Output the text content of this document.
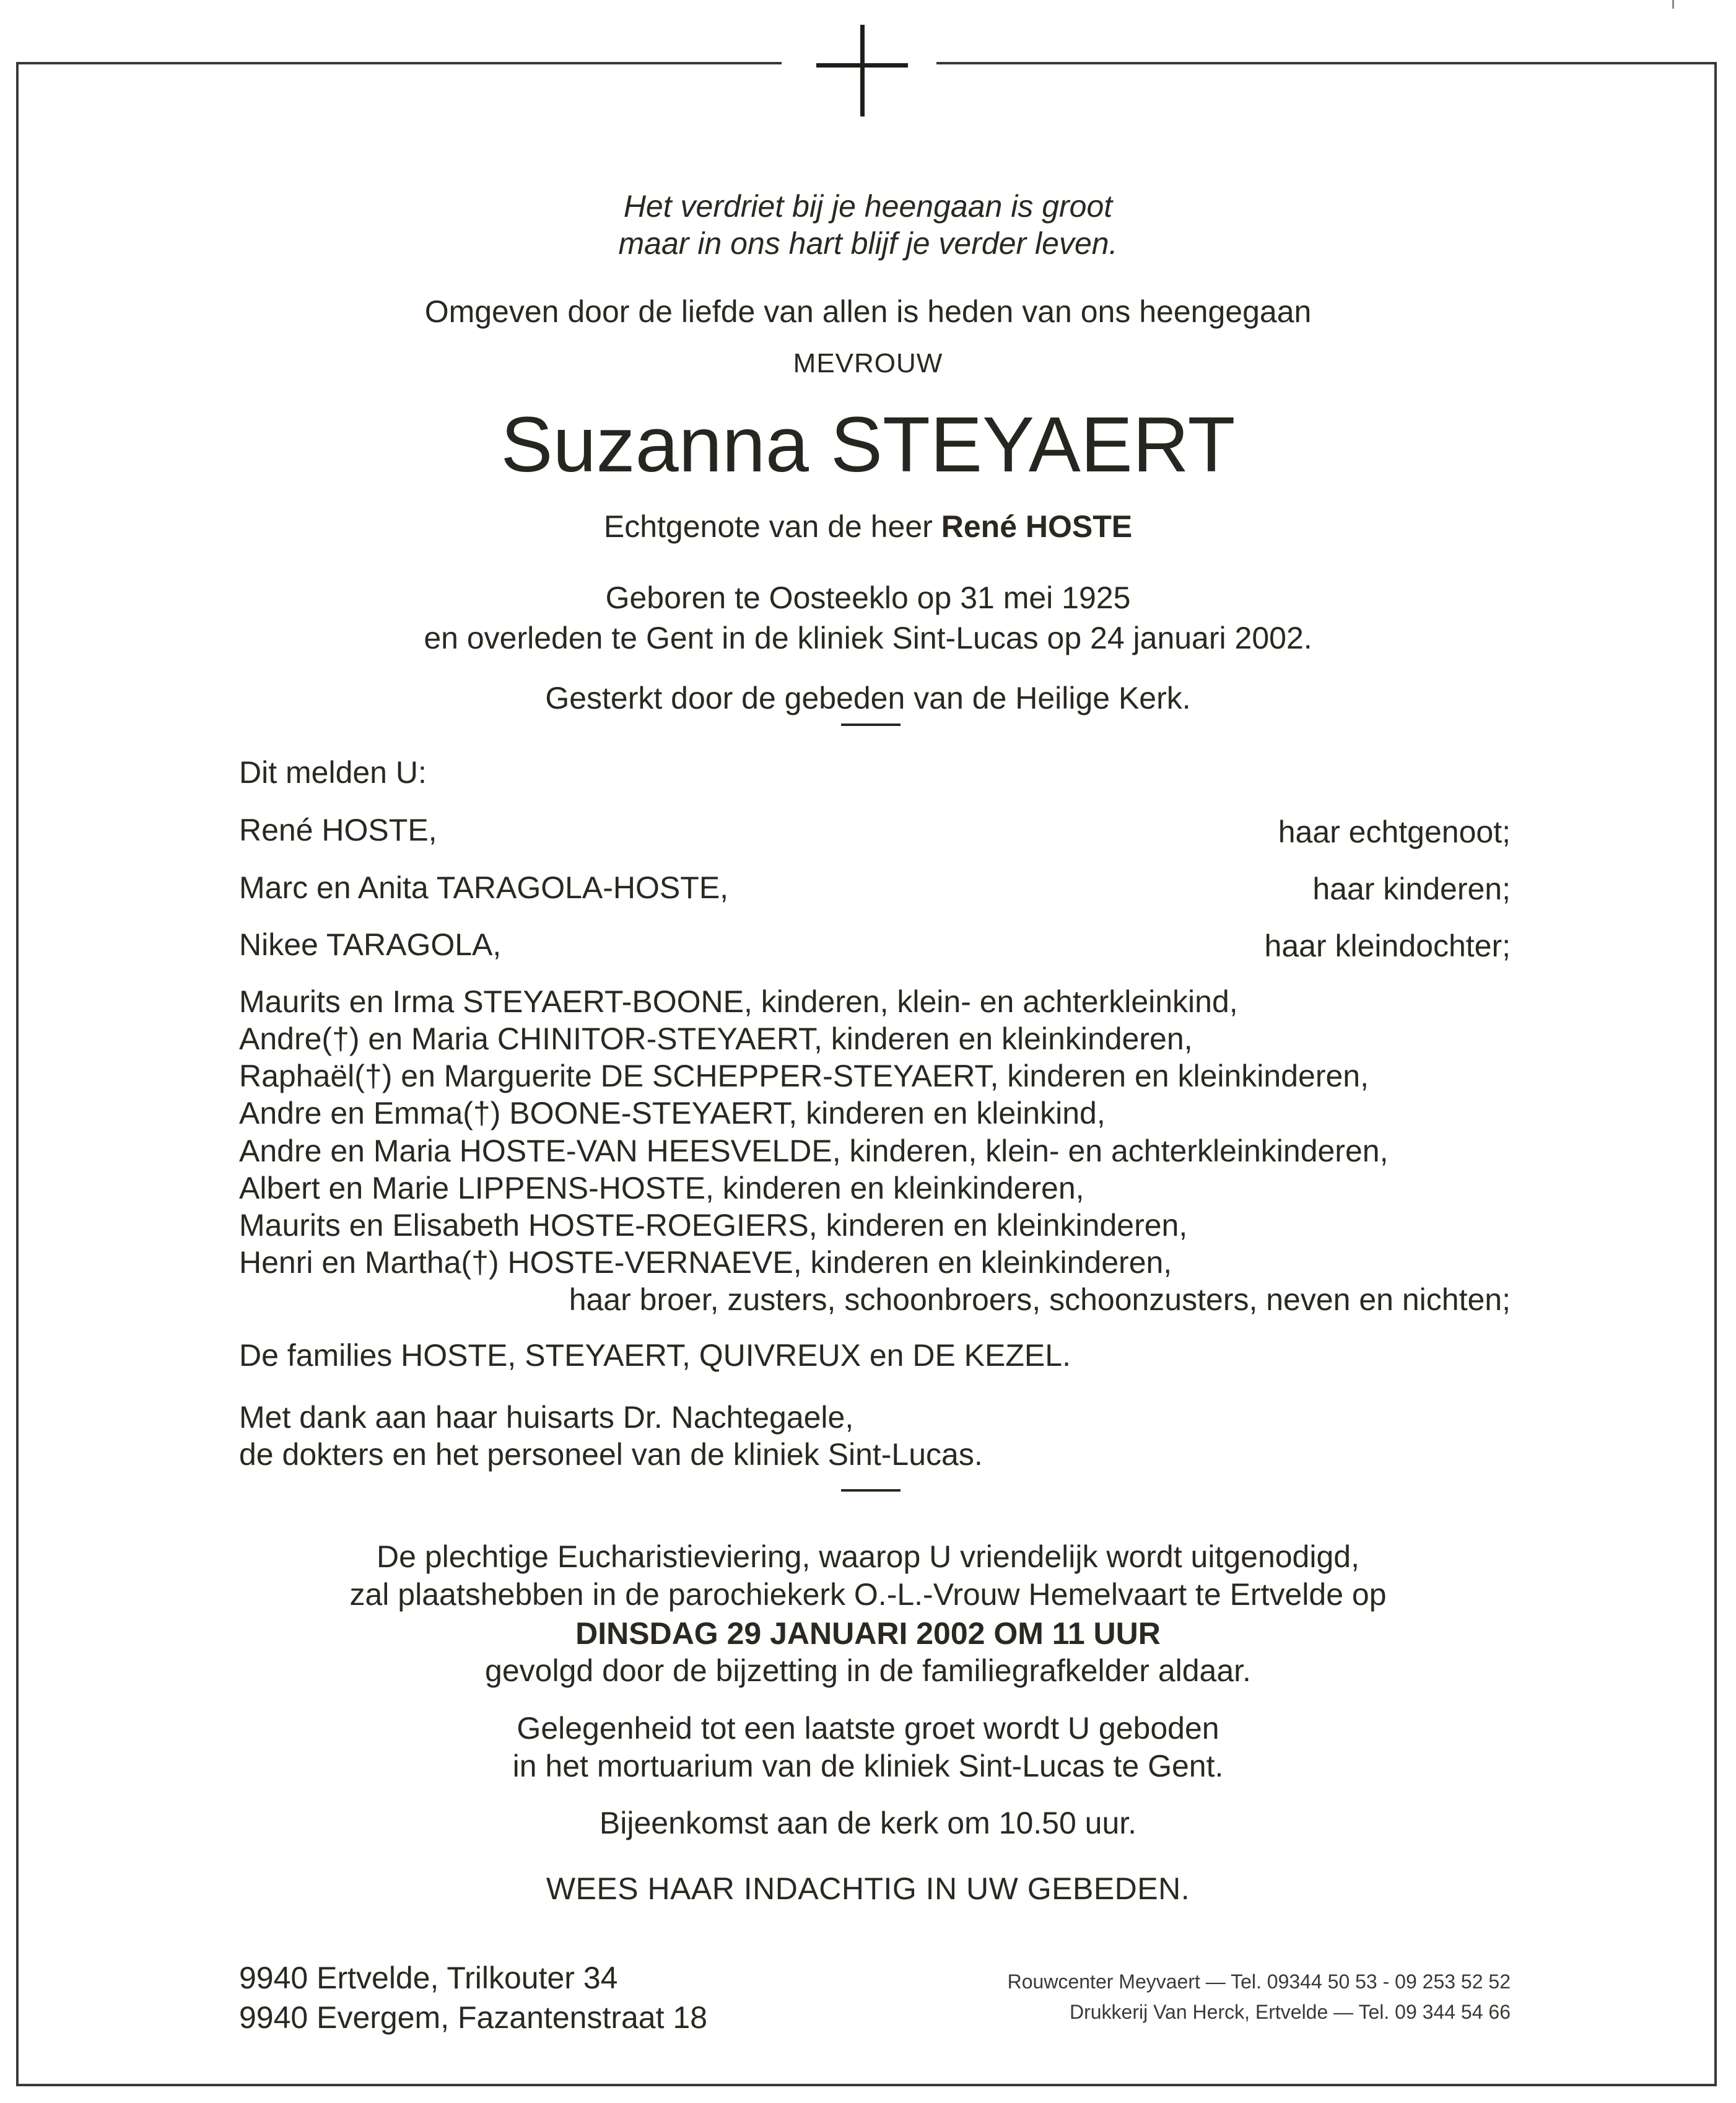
Het verdriet bij je heengaan is groot
maar in ons hart blijf je verder leven.
Omgeven door de liefde van allen is heden van ons heengegaan
MEVROUW
Suzanna STEYAERT
Echtgenote van de heer René HOSTE
Geboren te Oosteeklo op 31 mei 1925
en overleden te Gent in de kliniek Sint-Lucas op 24 januari 2002.
Gesterkt door de gebeden van de Heilige Kerk.
Dit melden U:
René HOSTE,	haar echtgenoot;
Marc en Anita TARAGOLA-HOSTE,	haar kinderen;
Nikee TARAGOLA,	haar kleindochter;
Maurits en Irma STEYAERT-BOONE, kinderen, klein- en achterkleinkind,
Andre(†) en Maria CHINITOR-STEYAERT, kinderen en kleinkinderen,
Raphaël(†) en Marguerite DE SCHEPPER-STEYAERT, kinderen en kleinkinderen,
Andre en Emma(†) BOONE-STEYAERT, kinderen en kleinkind,
Andre en Maria HOSTE-VAN HEESVELDE, kinderen, klein- en achterkleinkinderen,
Albert en Marie LIPPENS-HOSTE, kinderen en kleinkinderen,
Maurits en Elisabeth HOSTE-ROEGIERS, kinderen en kleinkinderen,
Henri en Martha(†) HOSTE-VERNAEVE, kinderen en kleinkinderen,
haar broer, zusters, schoonbroers, schoonzusters, neven en nichten;
De families HOSTE, STEYAERT, QUIVREUX en DE KEZEL.
Met dank aan haar huisarts Dr. Nachtegaele,
de dokters en het personeel van de kliniek Sint-Lucas.
De plechtige Eucharistieviering, waarop U vriendelijk wordt uitgenodigd,
zal plaatshebben in de parochiekerk O.-L.-Vrouw Hemelvaart te Ertvelde op
DINSDAG 29 JANUARI 2002 OM 11 UUR
gevolgd door de bijzetting in de familiegrafkelder aldaar.
Gelegenheid tot een laatste groet wordt U geboden
in het mortuarium van de kliniek Sint-Lucas te Gent.
Bijeenkomst aan de kerk om 10.50 uur.
WEES HAAR INDACHTIG IN UW GEBEDEN.
9940 Ertvelde, Trilkouter 34
9940 Evergem, Fazantenstraat 18
Rouwcenter Meyvaert — Tel. 09344 50 53 - 09 253 52 52
Drukkerij Van Herck, Ertvelde — Tel. 09 344 54 66
